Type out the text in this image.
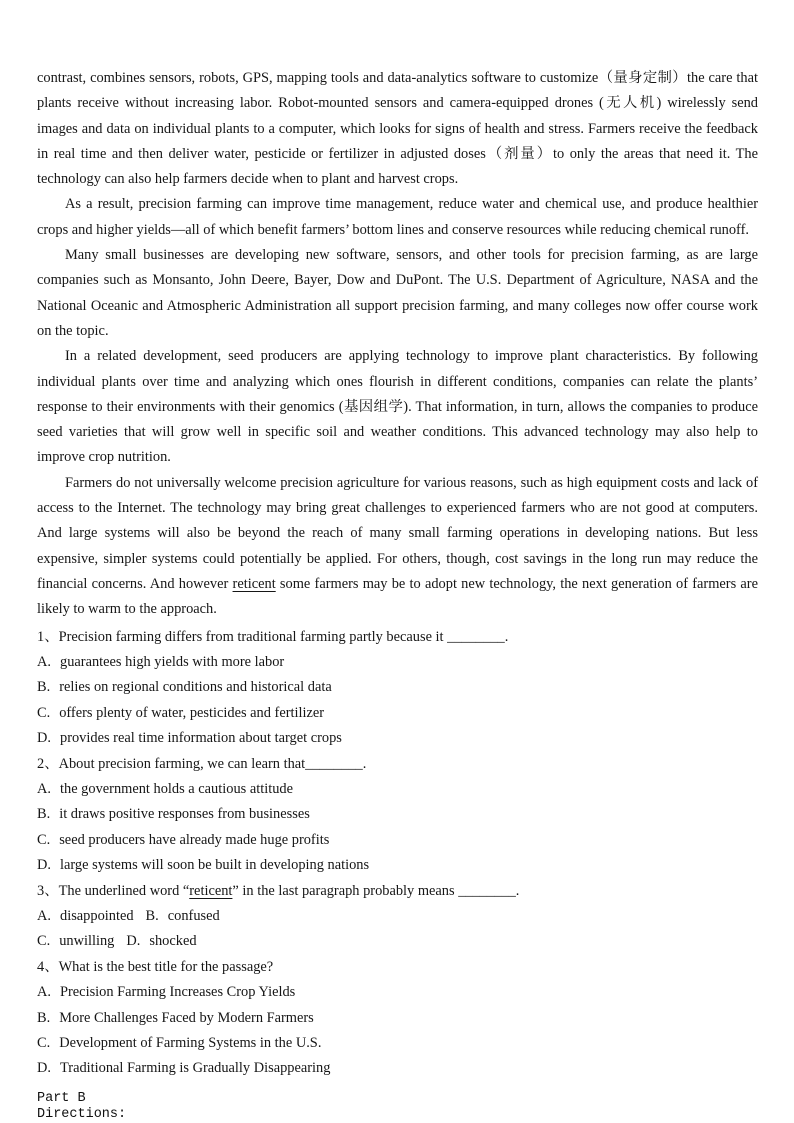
contrast, combines sensors, robots, GPS, mapping tools and data-analytics software to customize（量身定制）the care that plants receive without increasing labor. Robot-mounted sensors and camera-equipped drones (无人机) wirelessly send images and data on individual plants to a computer, which looks for signs of health and stress. Farmers receive the feedback in real time and then deliver water, pesticide or fertilizer in adjusted doses（剂量）to only the areas that need it. The technology can also help farmers decide when to plant and harvest crops.

As a result, precision farming can improve time management, reduce water and chemical use, and produce healthier crops and higher yields—all of which benefit farmers’ bottom lines and conserve resources while reducing chemical runoff.

Many small businesses are developing new software, sensors, and other tools for precision farming, as are large companies such as Monsanto, John Deere, Bayer, Dow and DuPont. The U.S. Department of Agriculture, NASA and the National Oceanic and Atmospheric Administration all support precision farming, and many colleges now offer course work on the topic.

In a related development, seed producers are applying technology to improve plant characteristics. By following individual plants over time and analyzing which ones flourish in different conditions, companies can relate the plants’ response to their environments with their genomics (基因组学). That information, in turn, allows the companies to produce seed varieties that will grow well in specific soil and weather conditions. This advanced technology may also help to improve crop nutrition.

Farmers do not universally welcome precision agriculture for various reasons, such as high equipment costs and lack of access to the Internet. The technology may bring great challenges to experienced farmers who are not good at computers. And large systems will also be beyond the reach of many small farming operations in developing nations. But less expensive, simpler systems could potentially be applied. For others, though, cost savings in the long run may reduce the financial concerns. And however reticent some farmers may be to adopt new technology, the next generation of farmers are likely to warm to the approach.

1、Precision farming differs from traditional farming partly because it ________.
A. guarantees high yields with more labor
B. relies on regional conditions and historical data
C. offers plenty of water, pesticides and fertilizer
D. provides real time information about target crops
2、About precision farming, we can learn that________.
A. the government holds a cautious attitude
B. it draws positive responses from businesses
C. seed producers have already made huge profits
D. large systems will soon be built in developing nations
3、The underlined word “reticent” in the last paragraph probably means ________.
A. disappointed B. confused
C. unwilling D. shocked
4、What is the best title for the passage?
A. Precision Farming Increases Crop Yields
B. More Challenges Faced by Modern Farmers
C. Development of Farming Systems in the U.S.
D. Traditional Farming is Gradually Disappearing
Part B
Directions:
